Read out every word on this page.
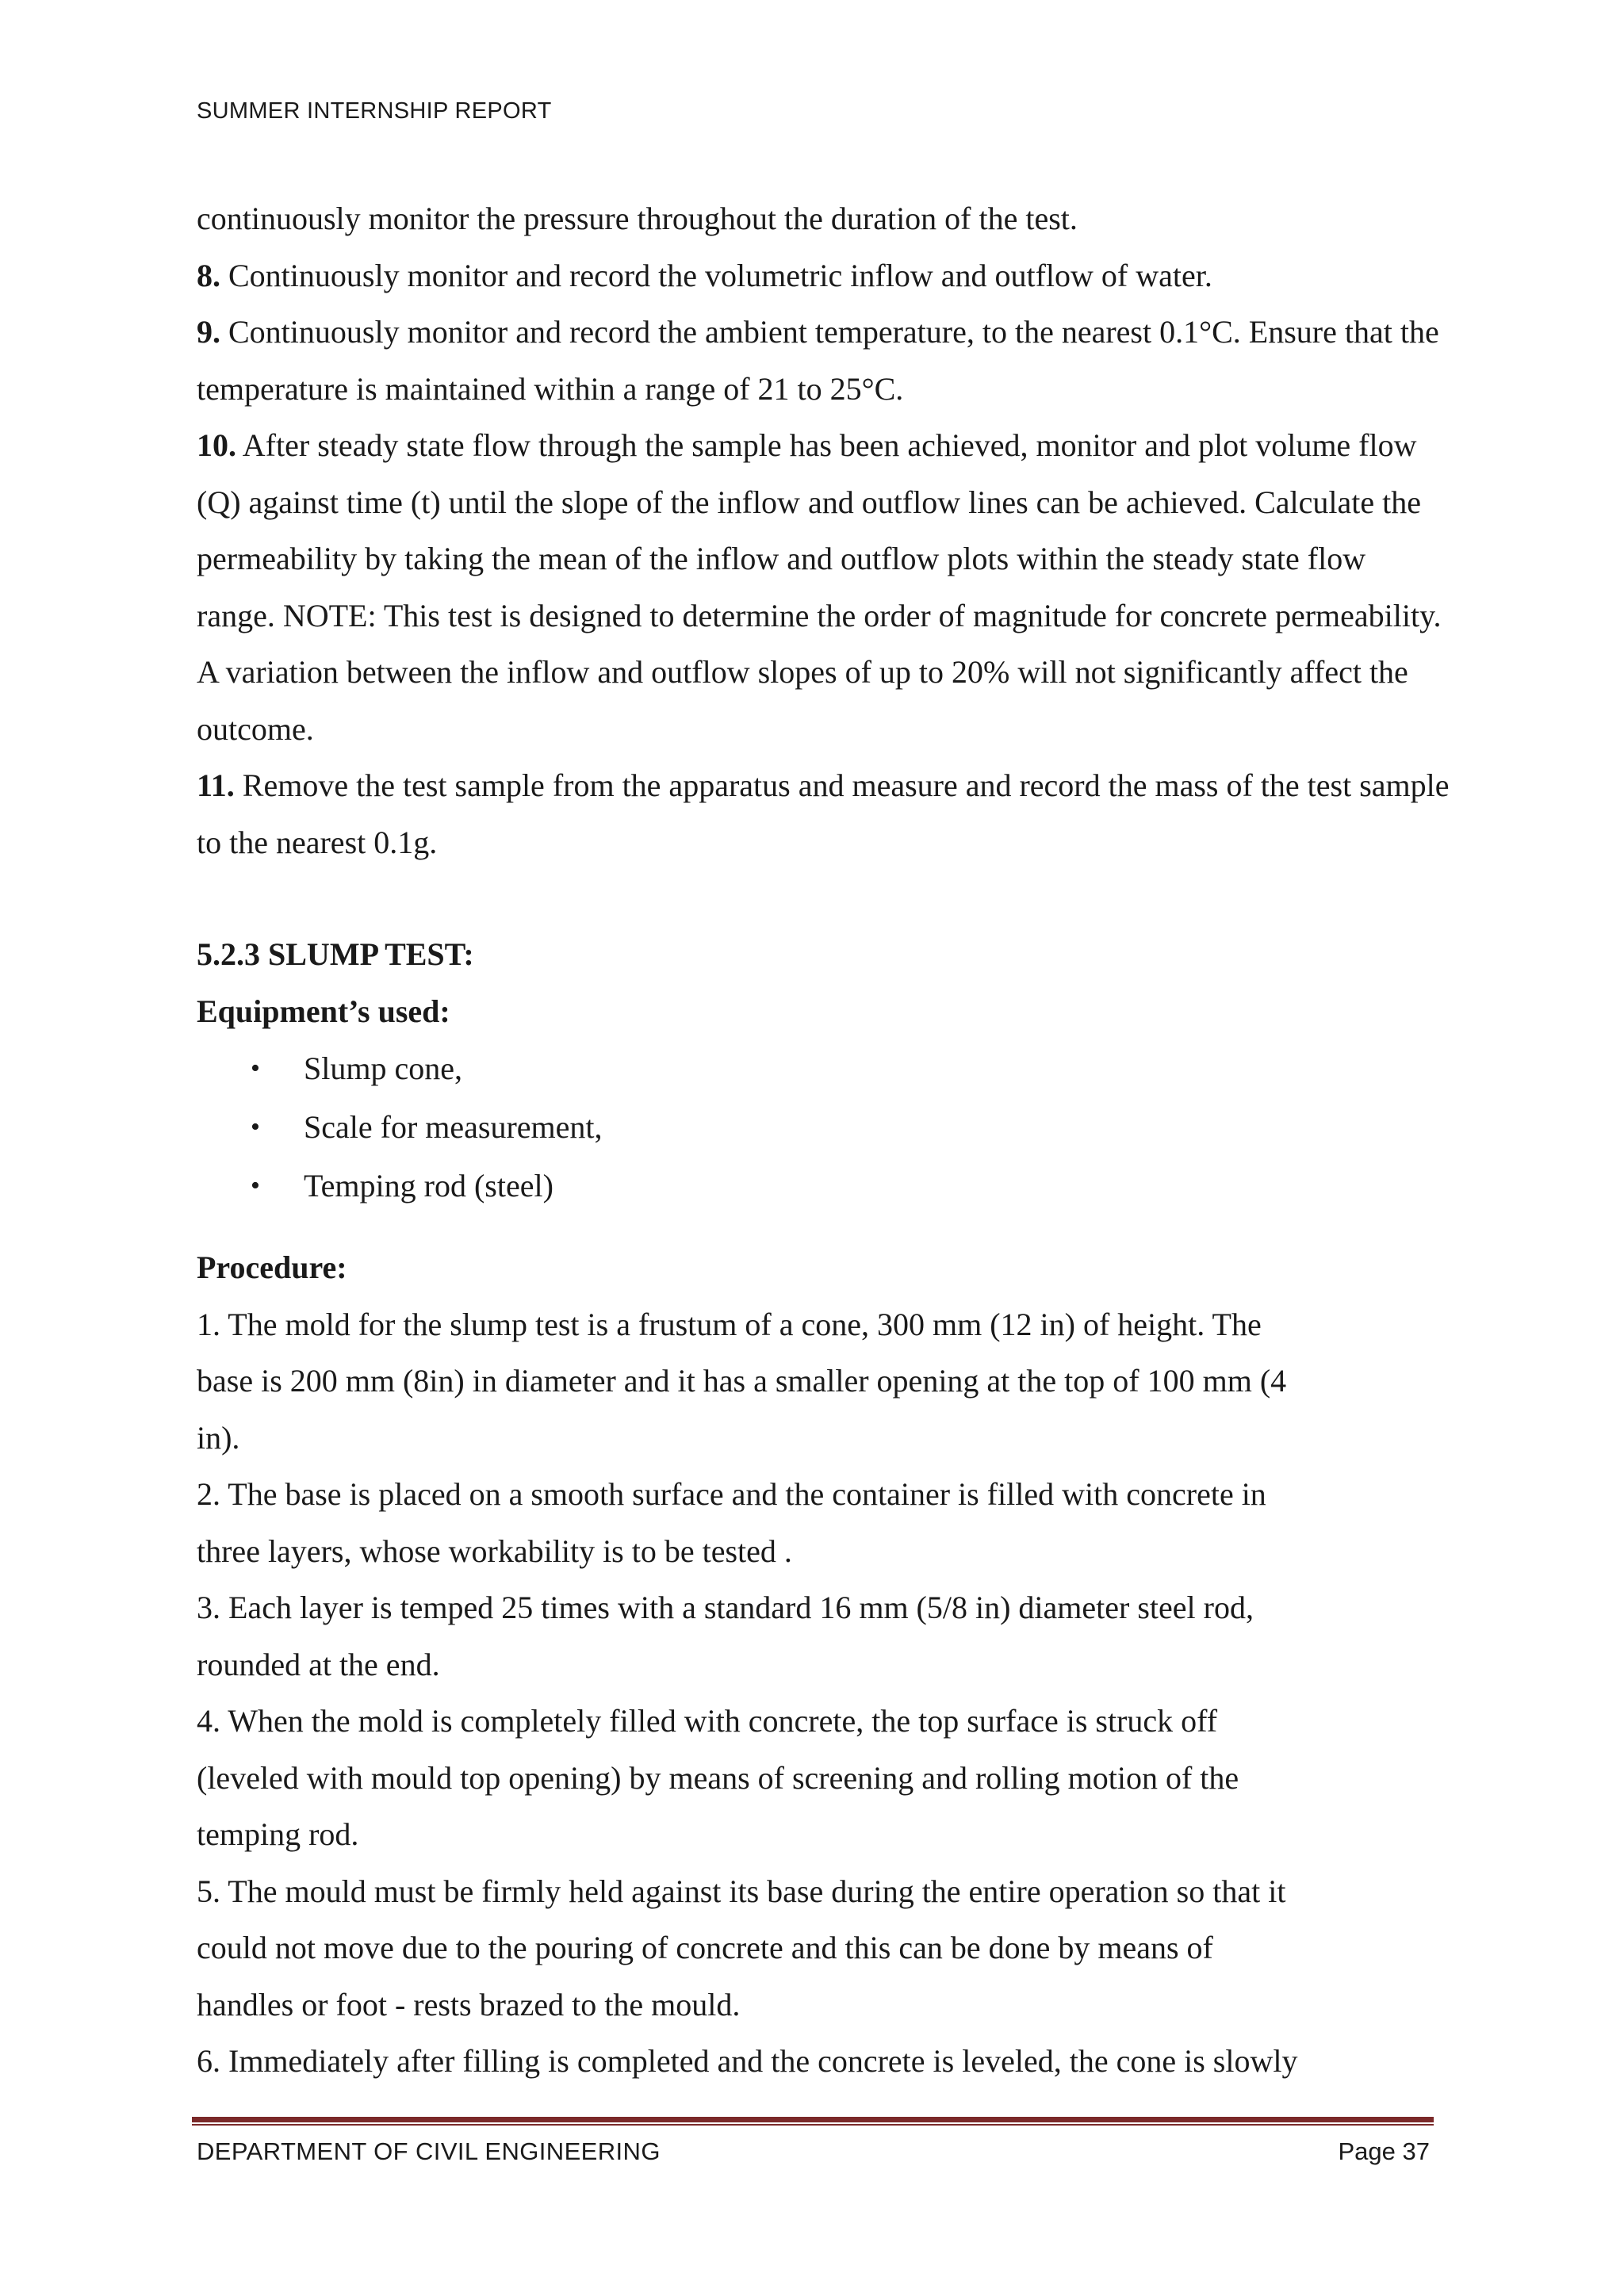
SUMMER INTERNSHIP REPORT

continuously monitor the pressure throughout the duration of the test.

8. Continuously monitor and record the volumetric inflow and outflow of water.

9. Continuously monitor and record the ambient temperature, to the nearest 0.1°C. Ensure that the temperature is maintained within a range of 21 to 25°C.

10. After steady state flow through the sample has been achieved, monitor and plot volume flow (Q) against time (t) until the slope of the inflow and outflow lines can be achieved. Calculate the permeability by taking the mean of the inflow and outflow plots within the steady state flow range. NOTE: This test is designed to determine the order of magnitude for concrete permeability. A variation between the inflow and outflow slopes of up to 20% will not significantly affect the outcome.

11. Remove the test sample from the apparatus and measure and record the mass of the test sample to the nearest 0.1g.

5.2.3 SLUMP TEST:

Equipment’s used:

• Slump cone,
• Scale for measurement,
• Temping rod (steel)

Procedure:

1. The mold for the slump test is a frustum of a cone, 300 mm (12 in) of height. The
base is 200 mm (8in) in diameter and it has a smaller opening at the top of 100 mm (4
in).

2. The base is placed on a smooth surface and the container is filled with concrete in
three layers, whose workability is to be tested .

3. Each layer is temped 25 times with a standard 16 mm (5/8 in) diameter steel rod,
rounded at the end.

4. When the mold is completely filled with concrete, the top surface is struck off
(leveled with mould top opening) by means of screening and rolling motion of the
temping rod.

5. The mould must be firmly held against its base during the entire operation so that it
could not move due to the pouring of concrete and this can be done by means of
handles or foot - rests brazed to the mould.

6. Immediately after filling is completed and the concrete is leveled, the cone is slowly

DEPARTMENT OF CIVIL ENGINEERING	Page 37
